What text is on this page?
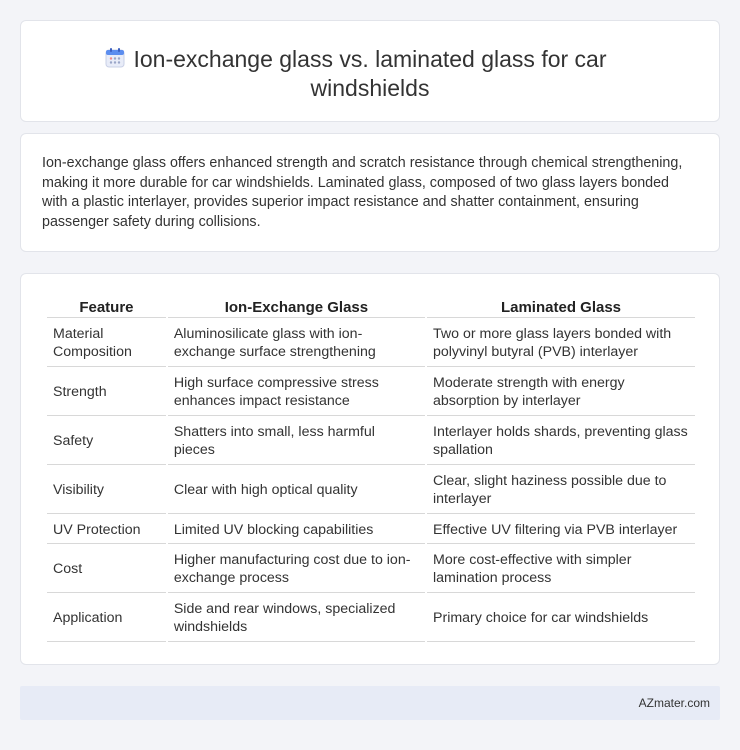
Ion-exchange glass vs. laminated glass for car windshields

Ion-exchange glass offers enhanced strength and scratch resistance through chemical strengthening, making it more durable for car windshields. Laminated glass, composed of two glass layers bonded with a plastic interlayer, provides superior impact resistance and shatter containment, ensuring passenger safety during collisions.

Feature	Ion-Exchange Glass	Laminated Glass
Material Composition	Aluminosilicate glass with ion-exchange surface strengthening	Two or more glass layers bonded with polyvinyl butyral (PVB) interlayer
Strength	High surface compressive stress enhances impact resistance	Moderate strength with energy absorption by interlayer
Safety	Shatters into small, less harmful pieces	Interlayer holds shards, preventing glass spallation
Visibility	Clear with high optical quality	Clear, slight haziness possible due to interlayer
UV Protection	Limited UV blocking capabilities	Effective UV filtering via PVB interlayer
Cost	Higher manufacturing cost due to ion-exchange process	More cost-effective with simpler lamination process
Application	Side and rear windows, specialized windshields	Primary choice for car windshields
AZmater.com
